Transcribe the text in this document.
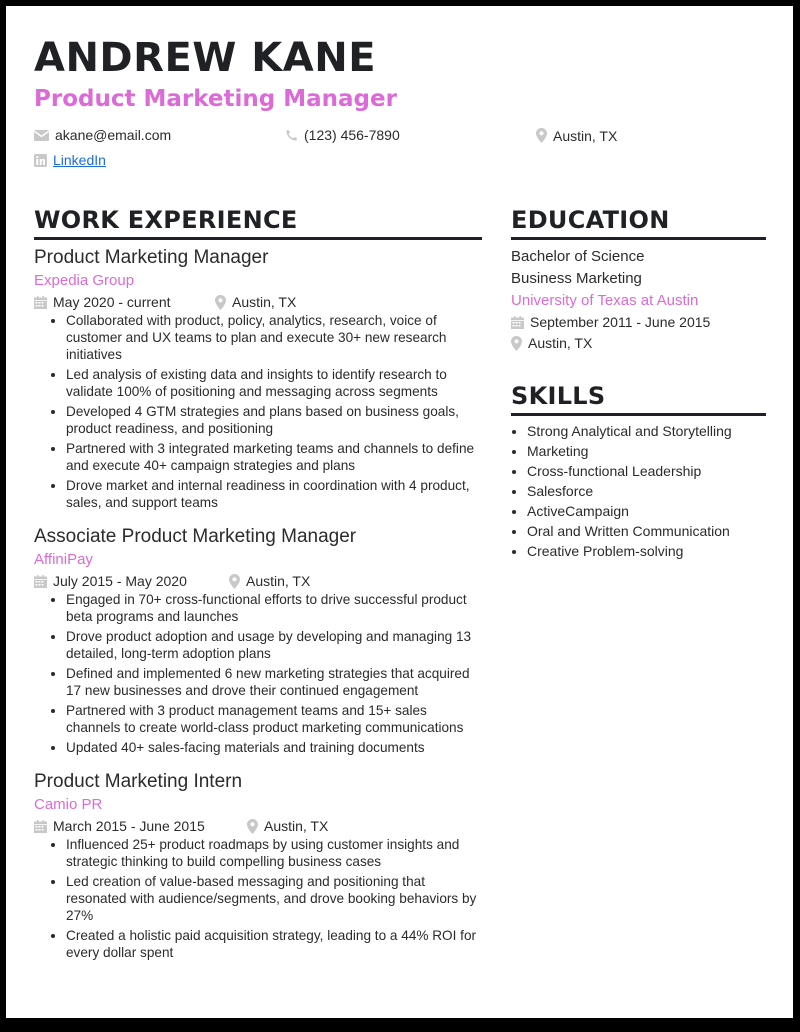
ANDREW KANE
Product Marketing Manager
akane@email.com	(123) 456-7890	Austin, TX
LinkedIn
WORK EXPERIENCE
Product Marketing Manager
Expedia Group
May 2020 - current	Austin, TX
• Collaborated with product, policy, analytics, research, voice of customer and UX teams to plan and execute 30+ new research initiatives
• Led analysis of existing data and insights to identify research to validate 100% of positioning and messaging across segments
• Developed 4 GTM strategies and plans based on business goals, product readiness, and positioning
• Partnered with 3 integrated marketing teams and channels to define and execute 40+ campaign strategies and plans
• Drove market and internal readiness in coordination with 4 product, sales, and support teams
Associate Product Marketing Manager
AffiniPay
July 2015 - May 2020	Austin, TX
• Engaged in 70+ cross-functional efforts to drive successful product beta programs and launches
• Drove product adoption and usage by developing and managing 13 detailed, long-term adoption plans
• Defined and implemented 6 new marketing strategies that acquired 17 new businesses and drove their continued engagement
• Partnered with 3 product management teams and 15+ sales channels to create world-class product marketing communications
• Updated 40+ sales-facing materials and training documents
Product Marketing Intern
Camio PR
March 2015 - June 2015	Austin, TX
• Influenced 25+ product roadmaps by using customer insights and strategic thinking to build compelling business cases
• Led creation of value-based messaging and positioning that resonated with audience/segments, and drove booking behaviors by 27%
• Created a holistic paid acquisition strategy, leading to a 44% ROI for every dollar spent
EDUCATION
Bachelor of Science
Business Marketing
University of Texas at Austin
September 2011 - June 2015
Austin, TX
SKILLS
• Strong Analytical and Storytelling
• Marketing
• Cross-functional Leadership
• Salesforce
• ActiveCampaign
• Oral and Written Communication
• Creative Problem-solving
